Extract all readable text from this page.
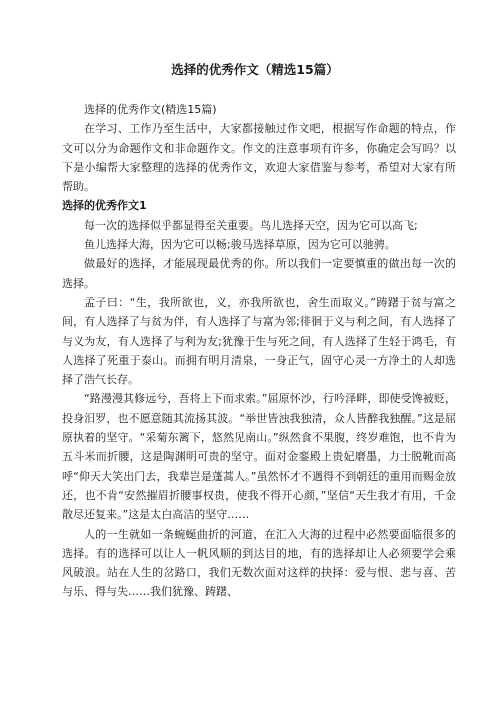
选择的优秀作文（精选15篇）

选择的优秀作文(精选15篇)

在学习、工作乃至生活中，大家都接触过作文吧，根据写作命题的特点，作文可以分为命题作文和非命题作文。作文的注意事项有许多，你确定会写吗？以下是小编帮大家整理的选择的优秀作文，欢迎大家借鉴与参考，希望对大家有所帮助。

选择的优秀作文1

每一次的选择似乎都显得至关重要。鸟儿选择天空，因为它可以高飞;

鱼儿选择大海，因为它可以畅;骏马选择草原，因为它可以驰骋。

做最好的选择，才能展现最优秀的你。所以我们一定要慎重的做出每一次的选择。

孟子曰：“生，我所欲也，义，亦我所欲也，舍生而取义。”踌躇于贫与富之间，有人选择了与贫为伴，有人选择了与富为邻;徘徊于义与利之间，有人选择了与义为友，有人选择了与利为友;犹豫于生与死之间，有人选择了生轻于鸿毛，有人选择了死重于泰山。而拥有明月清泉，一身正气，固守心灵一方净土的人却选择了浩气长存。

“路漫漫其修远兮，吾将上下而求索。”屈原怀沙，行吟泽畔，即使受馋被贬，投身汨罗，也不愿意随其流扬其波。“举世皆浊我独清，众人皆醉我独醒。”这是屈原执着的坚守。“采菊东篱下，悠然见南山。”纵然食不果腹，终岁难饱，也不肯为五斗米而折腰，这是陶渊明可贵的坚守。面对金銮殿上贵妃磨墨，力士脱靴而高呼“仰天大笑出门去，我辈岂是蓬蒿人。”虽然怀才不遇得不到朝廷的重用而赐金放还，也不肯“安然摧眉折腰事权贵，使我不得开心颜，”坚信“天生我才有用，千金散尽还复来。”这是太白高洁的坚守……

人的一生就如一条蜿蜒曲折的河道，在汇入大海的过程中必然要面临很多的选择。有的选择可以让人一帆风顺的到达目的地，有的选择却让人必须要学会乘风破浪。站在人生的岔路口，我们无数次面对这样的抉择：爱与恨、悲与喜、苦与乐、得与失……我们犹豫、踌躇、
